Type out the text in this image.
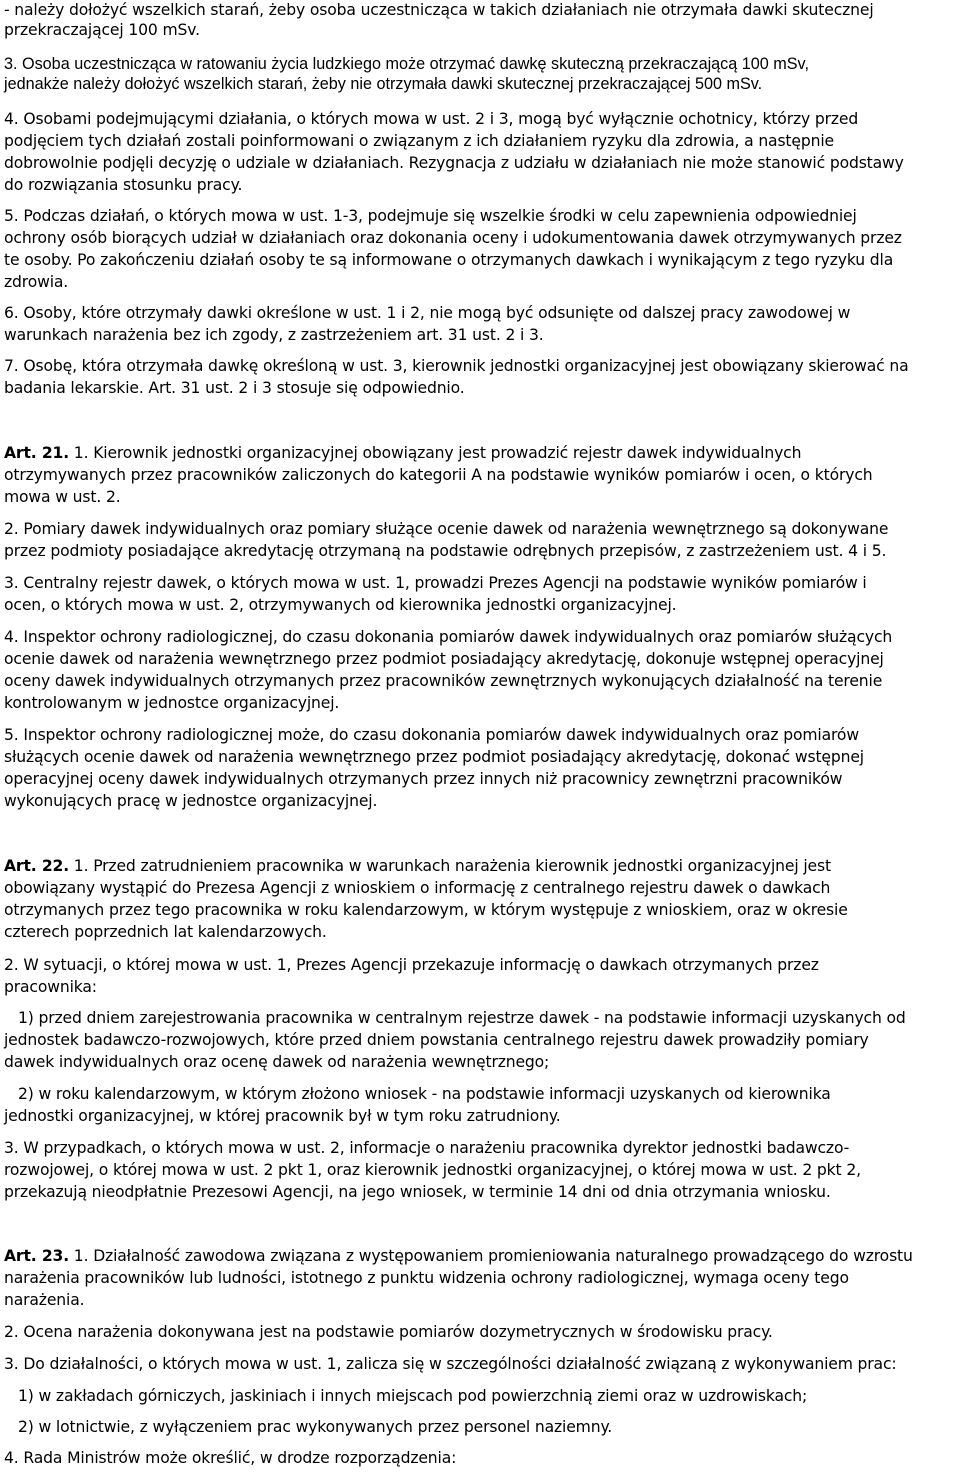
- należy dołożyć wszelkich starań, żeby osoba uczestnicząca w takich działaniach nie otrzymała dawki skutecznej
przekraczającej 100 mSv.
3. Osoba uczestnicząca w ratowaniu życia ludzkiego może otrzymać dawkę skuteczną przekraczającą 100 mSv,
jednakże należy dołożyć wszelkich starań, żeby nie otrzymała dawki skutecznej przekraczającej 500 mSv.
4. Osobami podejmującymi działania, o których mowa w ust. 2 i 3, mogą być wyłącznie ochotnicy, którzy przed
podjęciem tych działań zostali poinformowani o związanym z ich działaniem ryzyku dla zdrowia, a następnie
dobrowolnie podjęli decyzję o udziale w działaniach. Rezygnacja z udziału w działaniach nie może stanowić podstawy
do rozwiązania stosunku pracy.
5. Podczas działań, o których mowa w ust. 1-3, podejmuje się wszelkie środki w celu zapewnienia odpowiedniej
ochrony osób biorących udział w działaniach oraz dokonania oceny i udokumentowania dawek otrzymywanych przez
te osoby. Po zakończeniu działań osoby te są informowane o otrzymanych dawkach i wynikającym z tego ryzyku dla
zdrowia.
6. Osoby, które otrzymały dawki określone w ust. 1 i 2, nie mogą być odsunięte od dalszej pracy zawodowej w
warunkach narażenia bez ich zgody, z zastrzeżeniem art. 31 ust. 2 i 3.
7. Osobę, która otrzymała dawkę określoną w ust. 3, kierownik jednostki organizacyjnej jest obowiązany skierować na
badania lekarskie. Art. 31 ust. 2 i 3 stosuje się odpowiednio.
Art. 21. 1. Kierownik jednostki organizacyjnej obowiązany jest prowadzić rejestr dawek indywidualnych
otrzymywanych przez pracowników zaliczonych do kategorii A na podstawie wyników pomiarów i ocen, o których
mowa w ust. 2.
2. Pomiary dawek indywidualnych oraz pomiary służące ocenie dawek od narażenia wewnętrznego są dokonywane
przez podmioty posiadające akredytację otrzymaną na podstawie odrębnych przepisów, z zastrzeżeniem ust. 4 i 5.
3. Centralny rejestr dawek, o których mowa w ust. 1, prowadzi Prezes Agencji na podstawie wyników pomiarów i
ocen, o których mowa w ust. 2, otrzymywanych od kierownika jednostki organizacyjnej.
4. Inspektor ochrony radiologicznej, do czasu dokonania pomiarów dawek indywidualnych oraz pomiarów służących
ocenie dawek od narażenia wewnętrznego przez podmiot posiadający akredytację, dokonuje wstępnej operacyjnej
oceny dawek indywidualnych otrzymanych przez pracowników zewnętrznych wykonujących działalność na terenie
kontrolowanym w jednostce organizacyjnej.
5. Inspektor ochrony radiologicznej może, do czasu dokonania pomiarów dawek indywidualnych oraz pomiarów
służących ocenie dawek od narażenia wewnętrznego przez podmiot posiadający akredytację, dokonać wstępnej
operacyjnej oceny dawek indywidualnych otrzymanych przez innych niż pracownicy zewnętrzni pracowników
wykonujących pracę w jednostce organizacyjnej.
Art. 22. 1. Przed zatrudnieniem pracownika w warunkach narażenia kierownik jednostki organizacyjnej jest
obowiązany wystąpić do Prezesa Agencji z wnioskiem o informację z centralnego rejestru dawek o dawkach
otrzymanych przez tego pracownika w roku kalendarzowym, w którym występuje z wnioskiem, oraz w okresie
czterech poprzednich lat kalendarzowych.
2. W sytuacji, o której mowa w ust. 1, Prezes Agencji przekazuje informację o dawkach otrzymanych przez
pracownika:
1) przed dniem zarejestrowania pracownika w centralnym rejestrze dawek - na podstawie informacji uzyskanych od
jednostek badawczo-rozwojowych, które przed dniem powstania centralnego rejestru dawek prowadziły pomiary
dawek indywidualnych oraz ocenę dawek od narażenia wewnętrznego;
2) w roku kalendarzowym, w którym złożono wniosek - na podstawie informacji uzyskanych od kierownika
jednostki organizacyjnej, w której pracownik był w tym roku zatrudniony.
3. W przypadkach, o których mowa w ust. 2, informacje o narażeniu pracownika dyrektor jednostki badawczo-
rozwojowej, o której mowa w ust. 2 pkt 1, oraz kierownik jednostki organizacyjnej, o której mowa w ust. 2 pkt 2,
przekazują nieodpłatnie Prezesowi Agencji, na jego wniosek, w terminie 14 dni od dnia otrzymania wniosku.
Art. 23. 1. Działalność zawodowa związana z występowaniem promieniowania naturalnego prowadzącego do wzrostu
narażenia pracowników lub ludności, istotnego z punktu widzenia ochrony radiologicznej, wymaga oceny tego
narażenia.
2. Ocena narażenia dokonywana jest na podstawie pomiarów dozymetrycznych w środowisku pracy.
3. Do działalności, o których mowa w ust. 1, zalicza się w szczególności działalność związaną z wykonywaniem prac:
1) w zakładach górniczych, jaskiniach i innych miejscach pod powierzchnią ziemi oraz w uzdrowiskach;
2) w lotnictwie, z wyłączeniem prac wykonywanych przez personel naziemny.
4. Rada Ministrów może określić, w drodze rozporządzenia:
